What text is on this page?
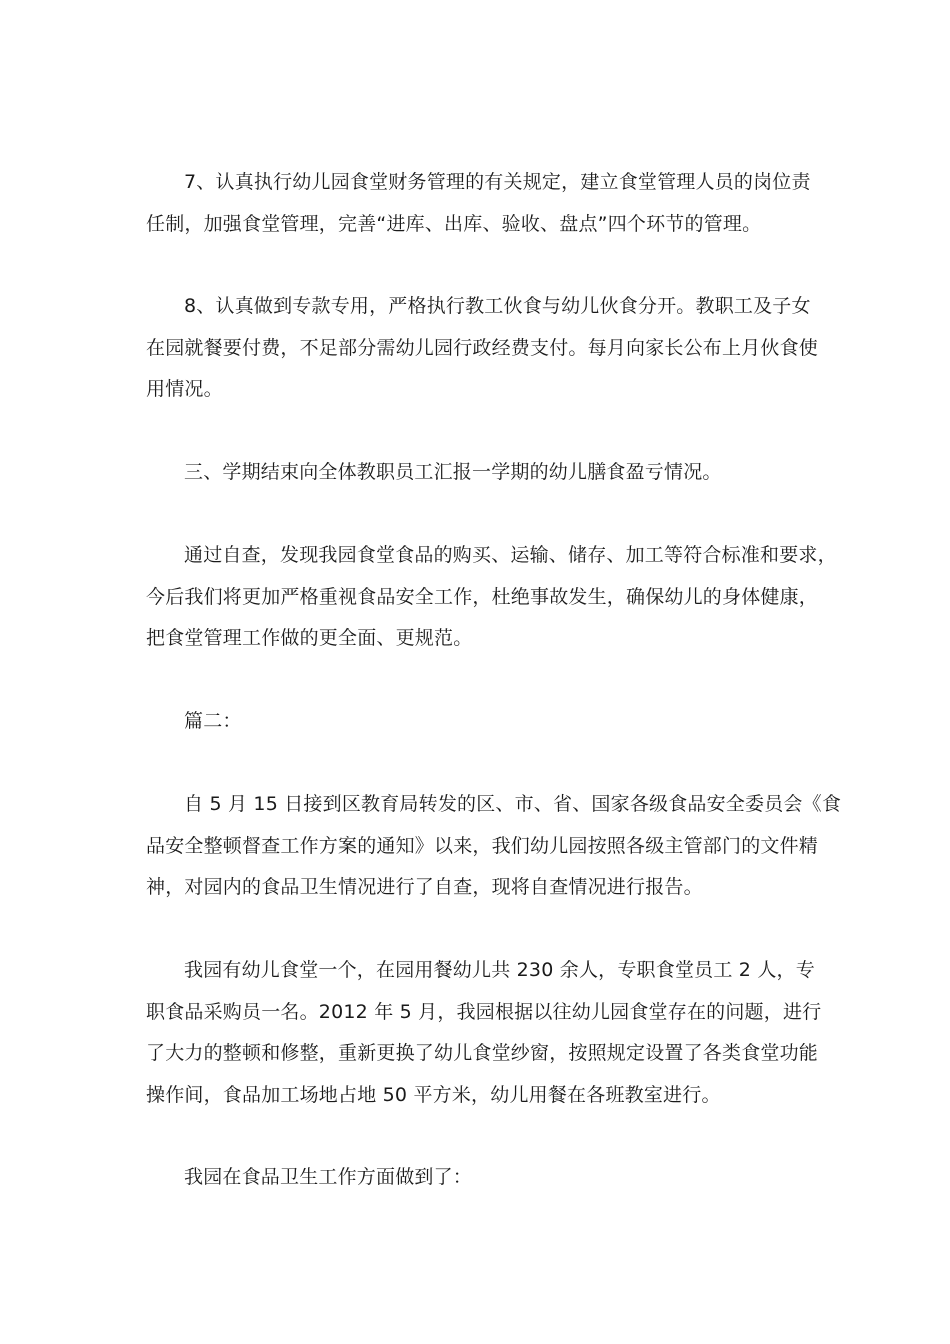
7、认真执行幼儿园食堂财务管理的有关规定，建立食堂管理人员的岗位责
任制，加强食堂管理，完善“进库、出库、验收、盘点”四个环节的管理。

8、认真做到专款专用，严格执行教工伙食与幼儿伙食分开。教职工及子女
在园就餐要付费，不足部分需幼儿园行政经费支付。每月向家长公布上月伙食使
用情况。

三、学期结束向全体教职员工汇报一学期的幼儿膳食盈亏情况。

通过自查，发现我园食堂食品的购买、运输、储存、加工等符合标准和要求，
今后我们将更加严格重视食品安全工作，杜绝事故发生，确保幼儿的身体健康，
把食堂管理工作做的更全面、更规范。

篇二：

自 5 月 15 日接到区教育局转发的区、市、省、国家各级食品安全委员会《食
品安全整顿督查工作方案的通知》以来，我们幼儿园按照各级主管部门的文件精
神，对园内的食品卫生情况进行了自查，现将自查情况进行报告。

我园有幼儿食堂一个，在园用餐幼儿共 230 余人，专职食堂员工 2 人，专
职食品采购员一名。2012 年 5 月，我园根据以往幼儿园食堂存在的问题，进行
了大力的整顿和修整，重新更换了幼儿食堂纱窗，按照规定设置了各类食堂功能
操作间，食品加工场地占地 50 平方米，幼儿用餐在各班教室进行。

我园在食品卫生工作方面做到了：
